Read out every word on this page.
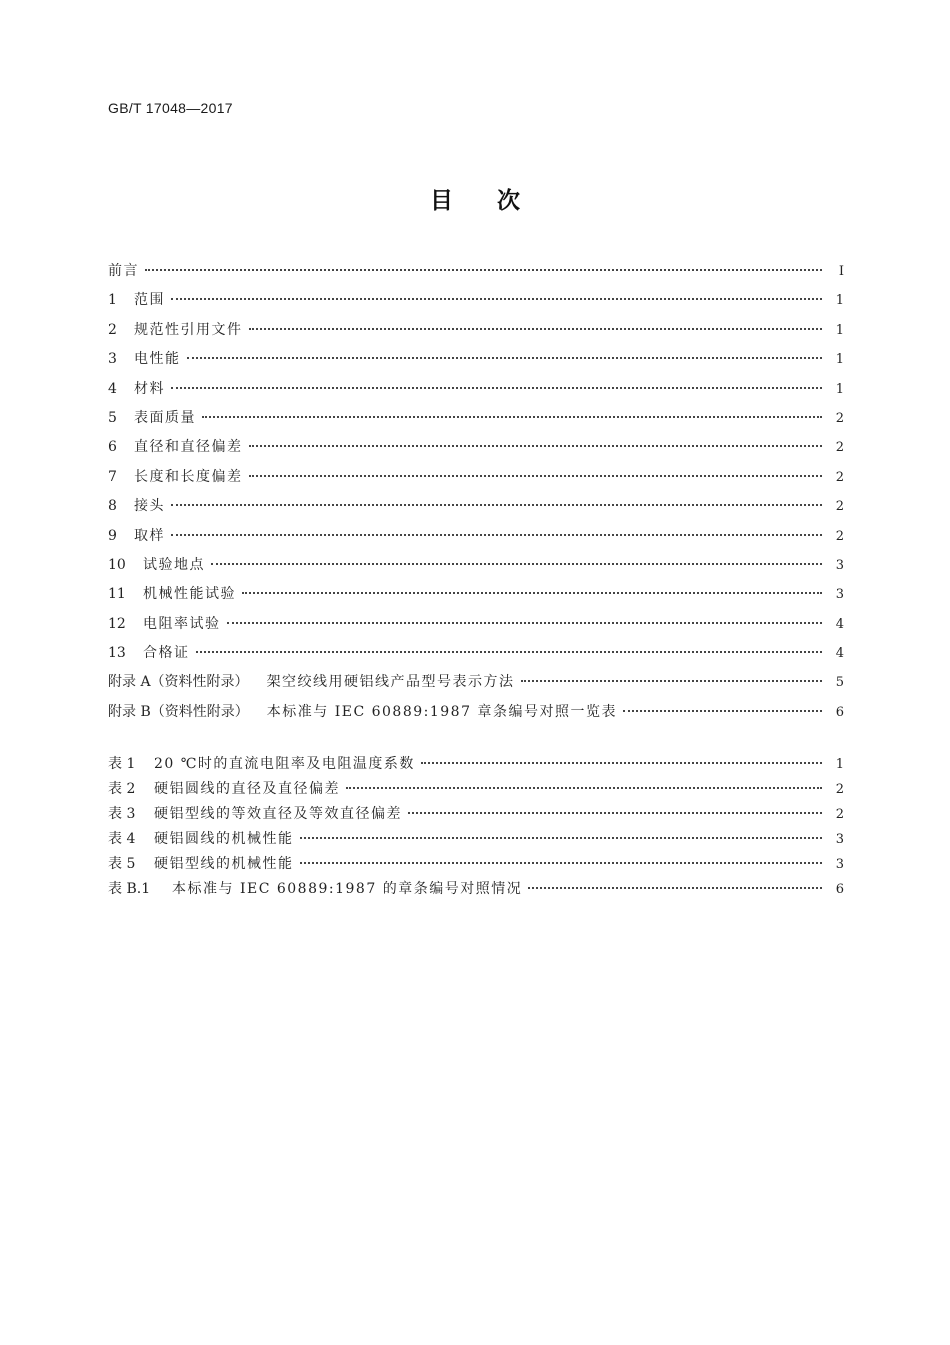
GB/T 17048—2017
目次
前言	I
1	范围	1
2	规范性引用文件	1
3	电性能	1
4	材料	1
5	表面质量	2
6	直径和直径偏差	2
7	长度和长度偏差	2
8	接头	2
9	取样	2
10	试验地点	3
11	机械性能试验	3
12	电阻率试验	4
13	合格证	4
附录 A（资料性附录） 架空绞线用硬铝线产品型号表示方法	5
附录 B（资料性附录） 本标准与 IEC 60889:1987 章条编号对照一览表	6
表 1	20 ℃时的直流电阻率及电阻温度系数	1
表 2	硬铝圆线的直径及直径偏差	2
表 3	硬铝型线的等效直径及等效直径偏差	2
表 4	硬铝圆线的机械性能	3
表 5	硬铝型线的机械性能	3
表 B.1	本标准与 IEC 60889:1987 的章条编号对照情况	6
